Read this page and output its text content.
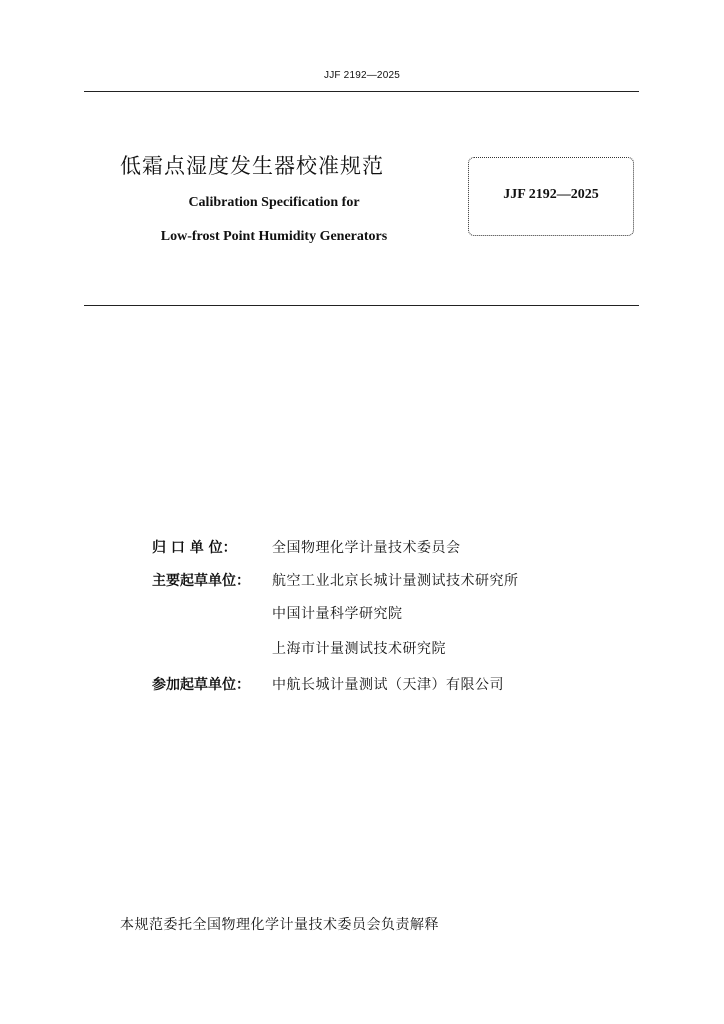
JJF 2192—2025
低霜点湿度发生器校准规范
Calibration Specification for
Low-frost Point Humidity Generators
JJF 2192—2025
归 口 单 位：	全国物理化学计量技术委员会
主要起草单位：	航空工业北京长城计量测试技术研究所
中国计量科学研究院
上海市计量测试技术研究院
参加起草单位：	中航长城计量测试（天津）有限公司
本规范委托全国物理化学计量技术委员会负责解释
